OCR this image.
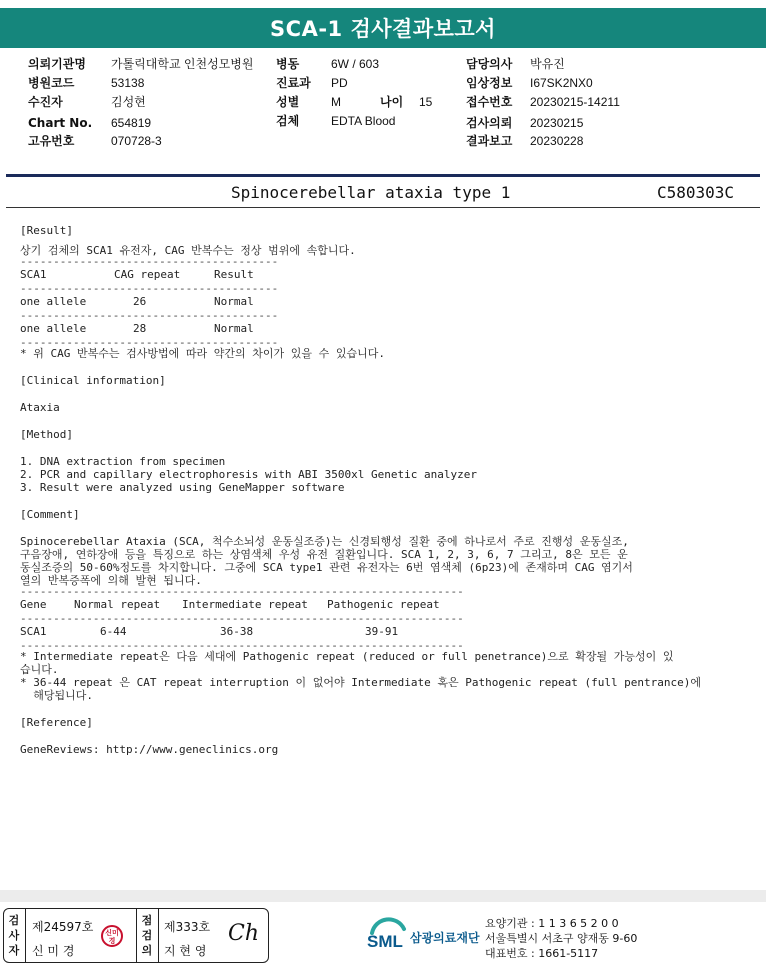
SCA-1 검사결과보고서
의뢰기관명 가톨릭대학교 인천성모병원
병원코드	53138
수진자	김성현
Chart No. 654819
고유번호	070728-3
병동	6W / 603
진료과 PD
성별	M	나이 15
검체	EDTA Blood
담당의사 박유진
임상정보 I67SK2NX0
접수번호 20230215-14211
검사의뢰 20230215
결과보고 20230228
Spinocerebellar ataxia type 1	C580303C
[Result]
상기 검체의 SCA1 유전자, CAG 반복수는 정상 범위에 속합니다.
---------------------------------------
SCA1	CAG repeat	Result
---------------------------------------
one allele	26	Normal
---------------------------------------
one allele	28	Normal
---------------------------------------
* 위 CAG 반복수는 검사방법에 따라 약간의 차이가 있을 수 있습니다.
[Clinical information]
Ataxia
[Method]
1. DNA extraction from specimen
2. PCR and capillary electrophoresis with ABI 3500xl Genetic analyzer
3. Result were analyzed using GeneMapper software
[Comment]
Spinocerebellar Ataxia (SCA, 척수소뇌성 운동실조증)는 신경퇴행성 질환 중에 하나로서 주로 진행성 운동실조,
구음장애, 연하장애 등을 특징으로 하는 상염색체 우성 유전 질환입니다. SCA 1, 2, 3, 6, 7 그리고, 8은 모든 운
동실조증의 50-60%정도를 차지합니다. 그중에 SCA type1 관련 유전자는 6번 염색체 (6p23)에 존재하며 CAG 염기서
열의 반복증폭에 의해 발현 됩니다.
-------------------------------------------------------------------
Gene	Normal repeat	Intermediate repeat	Pathogenic repeat
-------------------------------------------------------------------
SCA1	6-44	36-38	39-91
-------------------------------------------------------------------
* Intermediate repeat은 다음 세대에 Pathogenic repeat (reduced or full penetrance)으로 확장될 가능성이 있
습니다.
* 36-44 repeat 은 CAT repeat interruption 이 없어야 Intermediate 혹은 Pathogenic repeat (full pentrance)에
해당됩니다.
[Reference]
GeneReviews: http://www.geneclinics.org
검
사
자
제24597호
신 미 경
신미경
점
검
의
제333호
지 현 영
Ch	SML 삼광의료재단
요양기관 : 1 1 3 6 5 2 0 0
서울특별시 서초구 양재동 9-60
대표번호 : 1661-5117
